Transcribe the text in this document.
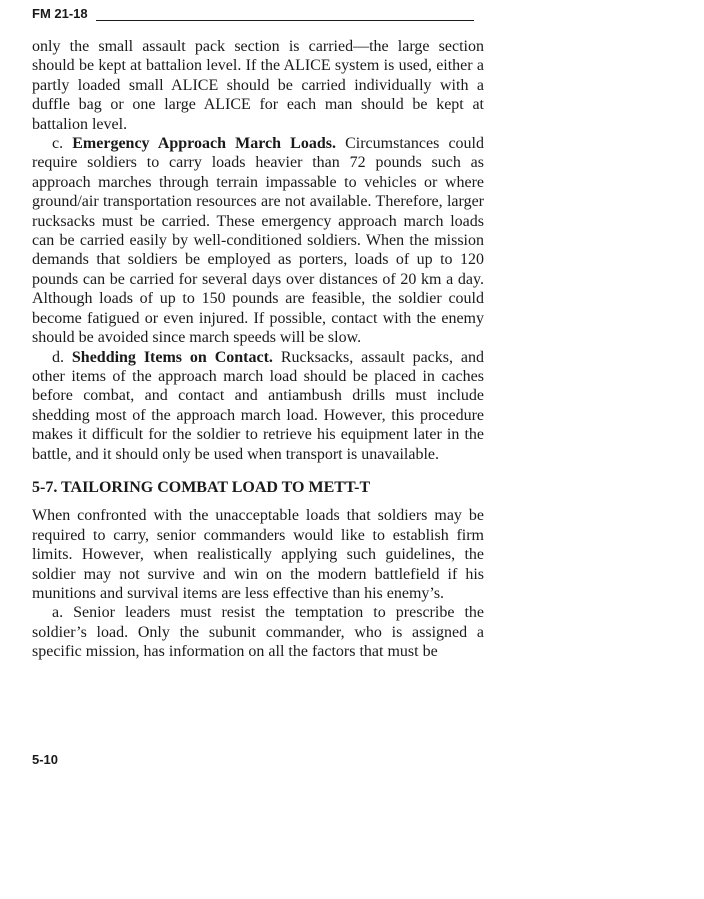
FM 21-18

only the small assault pack section is carried—the large section should be kept at battalion level. If the ALICE system is used, either a partly loaded small ALICE should be carried individually with a duffle bag or one large ALICE for each man should be kept at battalion level.

c. Emergency Approach March Loads. Circumstances could require soldiers to carry loads heavier than 72 pounds such as approach marches through terrain impassable to vehicles or where ground/air transportation resources are not available. Therefore, larger rucksacks must be carried. These emergency approach march loads can be carried easily by well-conditioned soldiers. When the mission demands that soldiers be employed as porters, loads of up to 120 pounds can be carried for several days over distances of 20 km a day. Although loads of up to 150 pounds are feasible, the soldier could become fatigued or even injured. If possible, contact with the enemy should be avoided since march speeds will be slow.

d. Shedding Items on Contact. Rucksacks, assault packs, and other items of the approach march load should be placed in caches before combat, and contact and antiambush drills must include shedding most of the approach march load. However, this procedure makes it difficult for the soldier to retrieve his equipment later in the battle, and it should only be used when transport is unavailable.

5-7. TAILORING COMBAT LOAD TO METT-T

When confronted with the unacceptable loads that soldiers may be required to carry, senior commanders would like to establish firm limits. However, when realistically applying such guidelines, the soldier may not survive and win on the modern battlefield if his munitions and survival items are less effective than his enemy’s.

a. Senior leaders must resist the temptation to prescribe the soldier’s load. Only the subunit commander, who is assigned a specific mission, has information on all the factors that must be

5-10
